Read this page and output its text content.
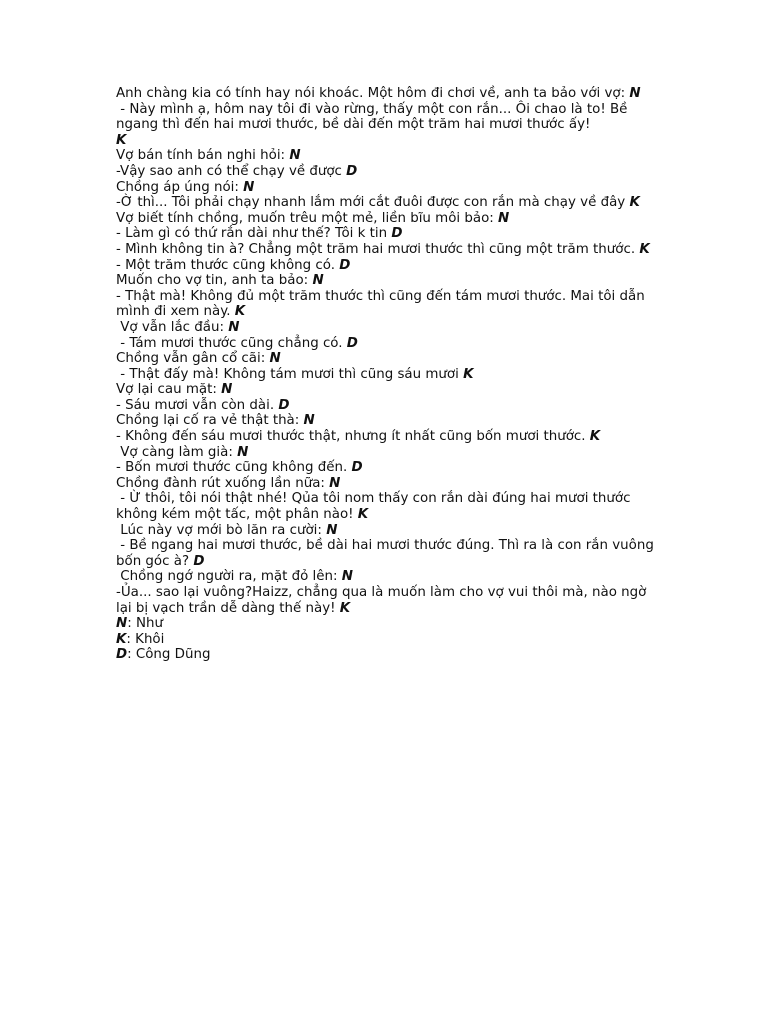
Anh chàng kia có tính hay nói khoác. Một hôm đi chơi về, anh ta bảo với vợ: N

- Này mình ạ, hôm nay tôi đi vào rừng, thấy một con rắn... Ôi chao là to! Bề ngang thì đến hai mươi thước, bề dài đến một trăm hai mươi thước ấy!
K

Vợ bán tính bán nghi hỏi: N

-Vậy sao anh có thể chạy về được D

Chồng áp úng nói: N

-Ờ thì... Tôi phải chạy nhanh lắm mới cắt đuôi được con rắn mà chạy về đây K

Vợ biết tính chồng, muốn trêu một mẻ, liền bĩu môi bảo: N

- Làm gì có thứ rắn dài như thế? Tôi k tin D

- Mình không tin à? Chẳng một trăm hai mươi thước thì cũng một trăm thước. K

- Một trăm thước cũng không có. D

Muốn cho vợ tin, anh ta bảo: N

- Thật mà! Không đủ một trăm thước thì cũng đến tám mươi thước. Mai tôi dẫn mình đi xem này. K

Vợ vẫn lắc đầu: N

- Tám mươi thước cũng chẳng có. D

Chồng vẫn gân cổ cãi: N

- Thật đấy mà! Không tám mươi thì cũng sáu mươi K

Vợ lại cau mặt: N

- Sáu mươi vẫn còn dài. D

Chồng lại cố ra vẻ thật thà: N

- Không đến sáu mươi thước thật, nhưng ít nhất cũng bốn mươi thước. K

Vợ càng làm già: N

- Bốn mươi thước cũng không đến. D

Chồng đành rút xuống lần nữa: N

- Ừ thôi, tôi nói thật nhé! Qủa tôi nom thấy con rắn dài đúng hai mươi thước không kém một tấc, một phân nào! K

Lúc này vợ mới bò lăn ra cười: N

- Bề ngang hai mươi thước, bề dài hai mươi thước đúng. Thì ra là con rắn vuông bốn góc à? D

Chồng ngớ người ra, mặt đỏ lên: N

-Ủa... sao lại vuông?Haizz, chẳng qua là muốn làm cho vợ vui thôi mà, nào ngờ lại bị vạch trần dễ dàng thế này! K

N: Như

K: Khôi

D: Công Dũng
